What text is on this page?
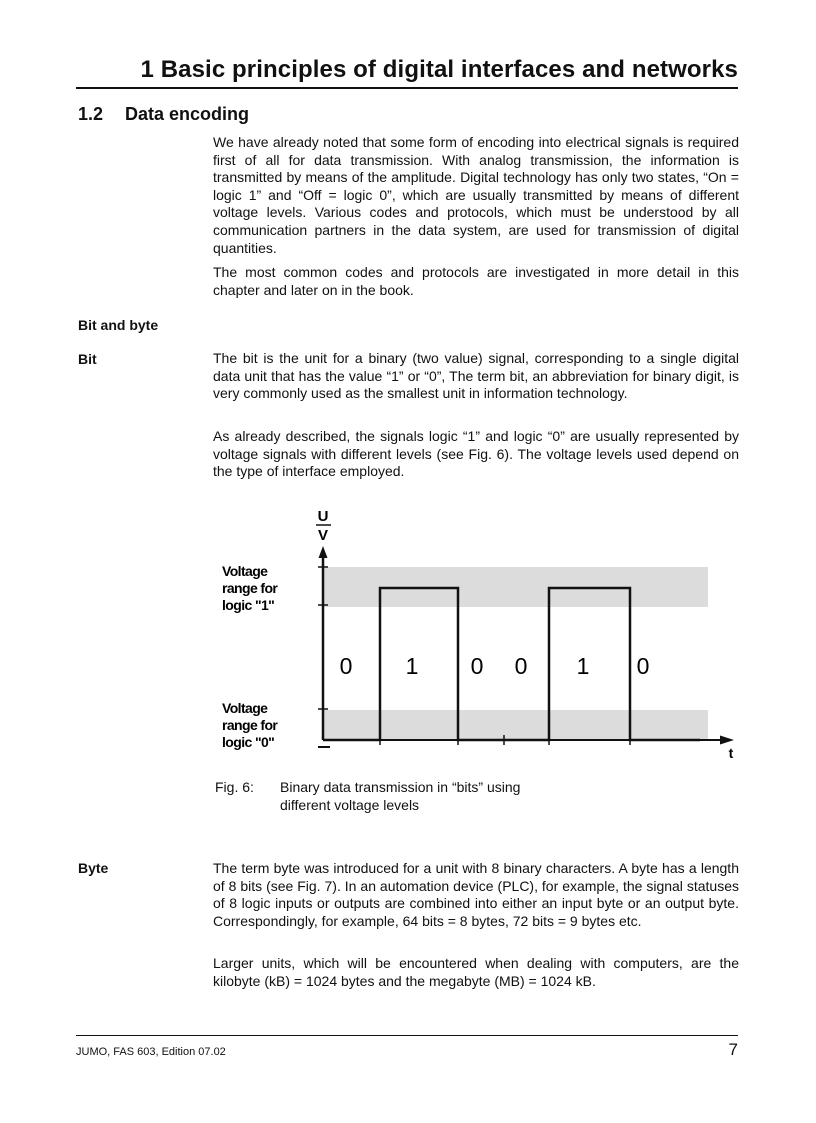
1 Basic principles of digital interfaces and networks
1.2 Data encoding

We have already noted that some form of encoding into electrical signals is required first of all for data transmission. With analog transmission, the information is transmitted by means of the amplitude. Digital technology has only two states, “On = logic 1” and “Off = logic 0”, which are usually transmitted by means of different voltage levels. Various codes and protocols, which must be understood by all communication partners in the data system, are used for transmission of digital quantities.

The most common codes and protocols are investigated in more detail in this chapter and later on in the book.

Bit and byte
Bit	The bit is the unit for a binary (two value) signal, corresponding to a single digital data unit that has the value “1” or “0”, The term bit, an abbreviation for binary digit, is very commonly used as the smallest unit in information technology.

As already described, the signals logic “1” and logic “0” are usually represented by voltage signals with different levels (see Fig. 6). The voltage levels used depend on the type of interface employed.

U
V
t
Voltage
range for
logic "1"
Voltage
range for
logic "0"
0 1 0 0 1 0
Fig. 6: Binary data transmission in “bits” using
different voltage levels
Byte	The term byte was introduced for a unit with 8 binary characters. A byte has a length of 8 bits (see Fig. 7). In an automation device (PLC), for example, the signal statuses of 8 logic inputs or outputs are combined into either an input byte or an output byte. Correspondingly, for example, 64 bits = 8 bytes, 72 bits = 9 bytes etc.

Larger units, which will be encountered when dealing with computers, are the kilobyte (kB) = 1024 bytes and the megabyte (MB) = 1024 kB.

JUMO, FAS 603, Edition 07.02	7
